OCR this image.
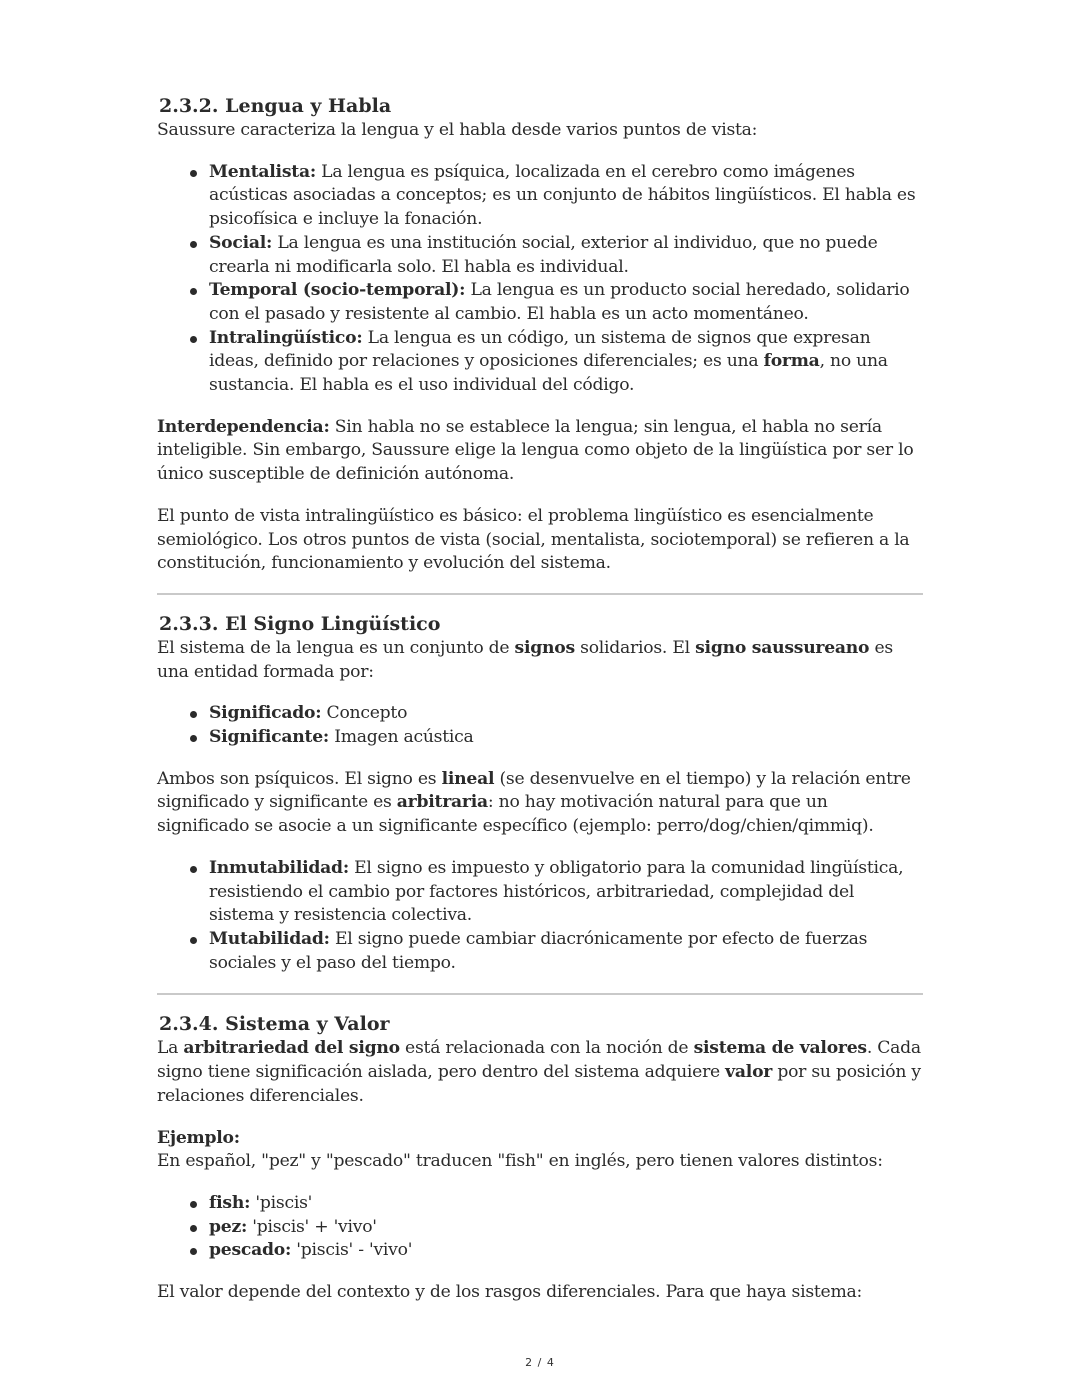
2.3.2. Lengua y Habla

Saussure caracteriza la lengua y el habla desde varios puntos de vista:

Mentalista: La lengua es psíquica, localizada en el cerebro como imágenes acústicas asociadas a conceptos; es un conjunto de hábitos lingüísticos. El habla es psicofísica e incluye la fonación.
Social: La lengua es una institución social, exterior al individuo, que no puede crearla ni modificarla solo. El habla es individual.
Temporal (socio-temporal): La lengua es un producto social heredado, solidario con el pasado y resistente al cambio. El habla es un acto momentáneo.
Intralingüístico: La lengua es un código, un sistema de signos que expresan ideas, definido por relaciones y oposiciones diferenciales; es una forma, no una sustancia. El habla es el uso individual del código.

Interdependencia: Sin habla no se establece la lengua; sin lengua, el habla no sería inteligible. Sin embargo, Saussure elige la lengua como objeto de la lingüística por ser lo único susceptible de definición autónoma.

El punto de vista intralingüístico es básico: el problema lingüístico es esencialmente semiológico. Los otros puntos de vista (social, mentalista, sociotemporal) se refieren a la constitución, funcionamiento y evolución del sistema.

2.3.3. El Signo Lingüístico

El sistema de la lengua es un conjunto de signos solidarios. El signo saussureano es una entidad formada por:

Significado: Concepto
Significante: Imagen acústica

Ambos son psíquicos. El signo es lineal (se desenvuelve en el tiempo) y la relación entre significado y significante es arbitraria: no hay motivación natural para que un significado se asocie a un significante específico (ejemplo: perro/dog/chien/qimmiq).

Inmutabilidad: El signo es impuesto y obligatorio para la comunidad lingüística, resistiendo el cambio por factores históricos, arbitrariedad, complejidad del sistema y resistencia colectiva.
Mutabilidad: El signo puede cambiar diacrónicamente por efecto de fuerzas sociales y el paso del tiempo.
2.3.4. Sistema y Valor

La arbitrariedad del signo está relacionada con la noción de sistema de valores. Cada signo tiene significación aislada, pero dentro del sistema adquiere valor por su posición y relaciones diferenciales.

Ejemplo:

En español, "pez" y "pescado" traducen "fish" en inglés, pero tienen valores distintos:

fish: 'piscis'
pez: 'piscis' + 'vivo'
pescado: 'piscis' - 'vivo'

El valor depende del contexto y de los rasgos diferenciales. Para que haya sistema:

2 / 4
